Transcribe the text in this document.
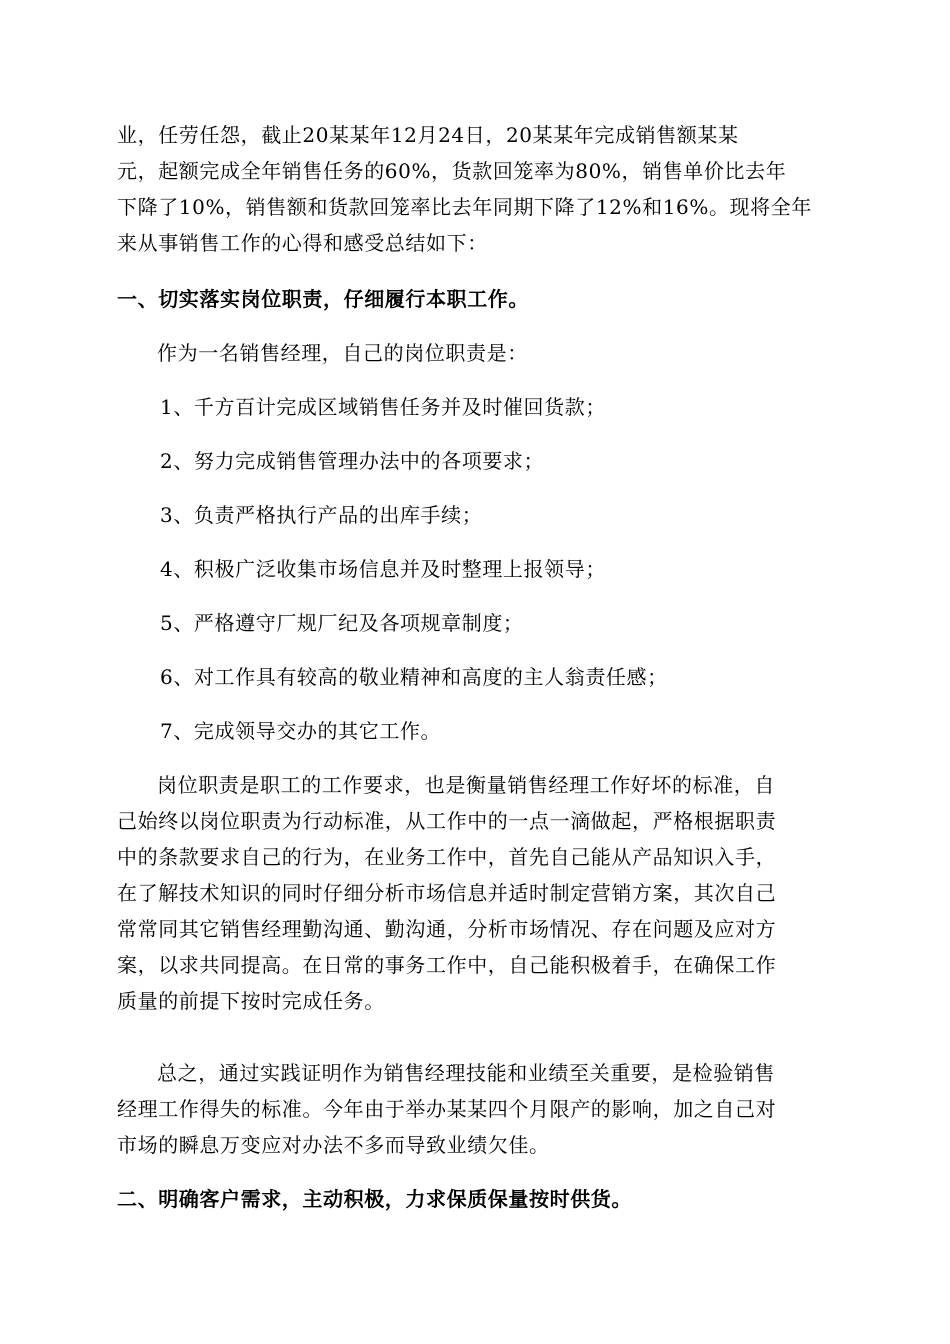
业，任劳任怨，截止20某某年12月24日，20某某年完成销售额某某
元，起额完成全年销售任务的60%，货款回笼率为80%，销售单价比去年
下降了10%，销售额和货款回笼率比去年同期下降了12%和16%。现将全年
来从事销售工作的心得和感受总结如下：
一、切实落实岗位职责，仔细履行本职工作。
作为一名销售经理，自己的岗位职责是：
1、千方百计完成区域销售任务并及时催回货款；
2、努力完成销售管理办法中的各项要求；
3、负责严格执行产品的出库手续；
4、积极广泛收集市场信息并及时整理上报领导；
5、严格遵守厂规厂纪及各项规章制度；
6、对工作具有较高的敬业精神和高度的主人翁责任感；
7、完成领导交办的其它工作。
岗位职责是职工的工作要求，也是衡量销售经理工作好坏的标准，自
己始终以岗位职责为行动标准，从工作中的一点一滴做起，严格根据职责
中的条款要求自己的行为，在业务工作中，首先自己能从产品知识入手，
在了解技术知识的同时仔细分析市场信息并适时制定营销方案，其次自己
常常同其它销售经理勤沟通、勤沟通，分析市场情况、存在问题及应对方
案，以求共同提高。在日常的事务工作中，自己能积极着手，在确保工作
质量的前提下按时完成任务。
总之，通过实践证明作为销售经理技能和业绩至关重要，是检验销售
经理工作得失的标准。今年由于举办某某四个月限产的影响，加之自己对
市场的瞬息万变应对办法不多而导致业绩欠佳。
二、明确客户需求，主动积极，力求保质保量按时供货。
